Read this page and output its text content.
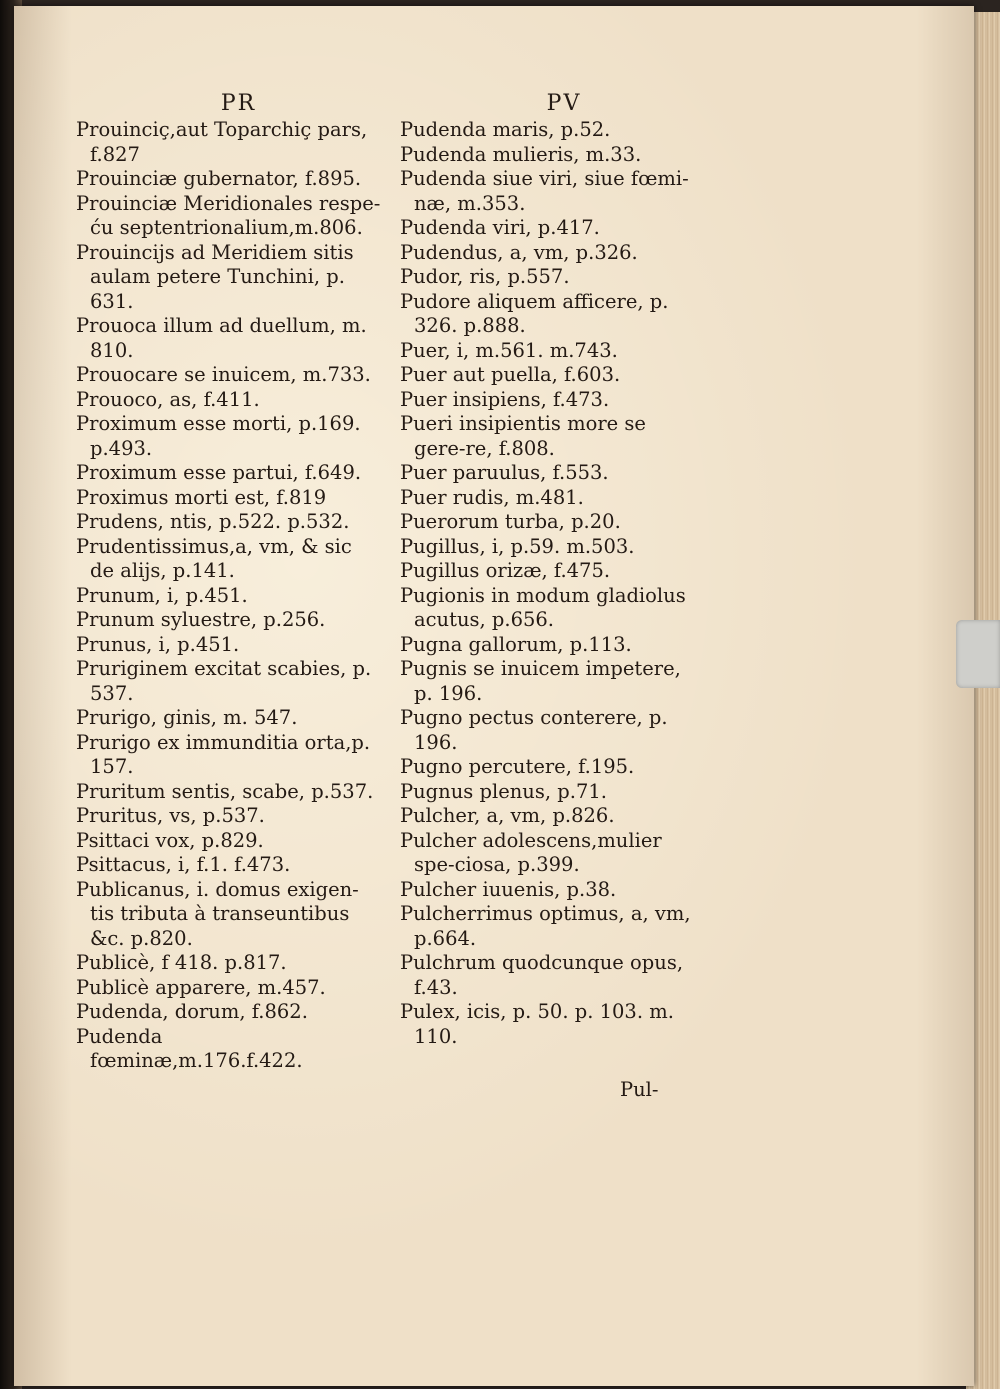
PR
Prouinciç,aut Toparchiç pars, f.827
Prouinciæ gubernator, f.895.
Prouinciæ Meridionales respe-ću septentrionalium,m.806.
Prouincijs ad Meridiem sitis aulam petere Tunchini, p. 631.
Prouoca illum ad duellum, m. 810.
Prouocare se inuicem, m.733.
Prouoco, as, f.411.
Proximum esse morti, p.169. p.493.
Proximum esse partui, f.649.
Proximus morti est, f.819
Prudens, ntis, p.522. p.532.
Prudentissimus,a, vm, & sic de alijs, p.141.
Prunum, i, p.451.
Prunum syluestre, p.256.
Prunus, i, p.451.
Pruriginem excitat scabies, p. 537.
Prurigo, ginis, m. 547.
Prurigo ex immunditia orta,p. 157.
Pruritum sentis, scabe, p.537.
Pruritus, vs, p.537.
Psittaci vox, p.829.
Psittacus, i, f.1. f.473.
Publicanus, i. domus exigen-tis tributa à transeuntibus &c. p.820.
Publicè, f 418. p.817.
Publicè apparere, m.457.
Pudenda, dorum, f.862.
Pudenda fœminæ,m.176.f.422.
PV
Pudenda maris, p.52.
Pudenda mulieris, m.33.
Pudenda siue viri, siue fœmi-næ, m.353.
Pudenda viri, p.417.
Pudendus, a, vm, p.326.
Pudor, ris, p.557.
Pudore aliquem afficere, p. 326. p.888.
Puer, i, m.561. m.743.
Puer aut puella, f.603.
Puer insipiens, f.473.
Pueri insipientis more se gere-re, f.808.
Puer paruulus, f.553.
Puer rudis, m.481.
Puerorum turba, p.20.
Pugillus, i, p.59. m.503.
Pugillus orizæ, f.475.
Pugionis in modum gladiolus acutus, p.656.
Pugna gallorum, p.113.
Pugnis se inuicem impetere, p. 196.
Pugno pectus conterere, p. 196.
Pugno percutere, f.195.
Pugnus plenus, p.71.
Pulcher, a, vm, p.826.
Pulcher adolescens,mulier spe-ciosa, p.399.
Pulcher iuuenis, p.38.
Pulcherrimus optimus, a, vm, p.664.
Pulchrum quodcunque opus, f.43.
Pulex, icis, p. 50. p. 103. m. 110.
Pul-
